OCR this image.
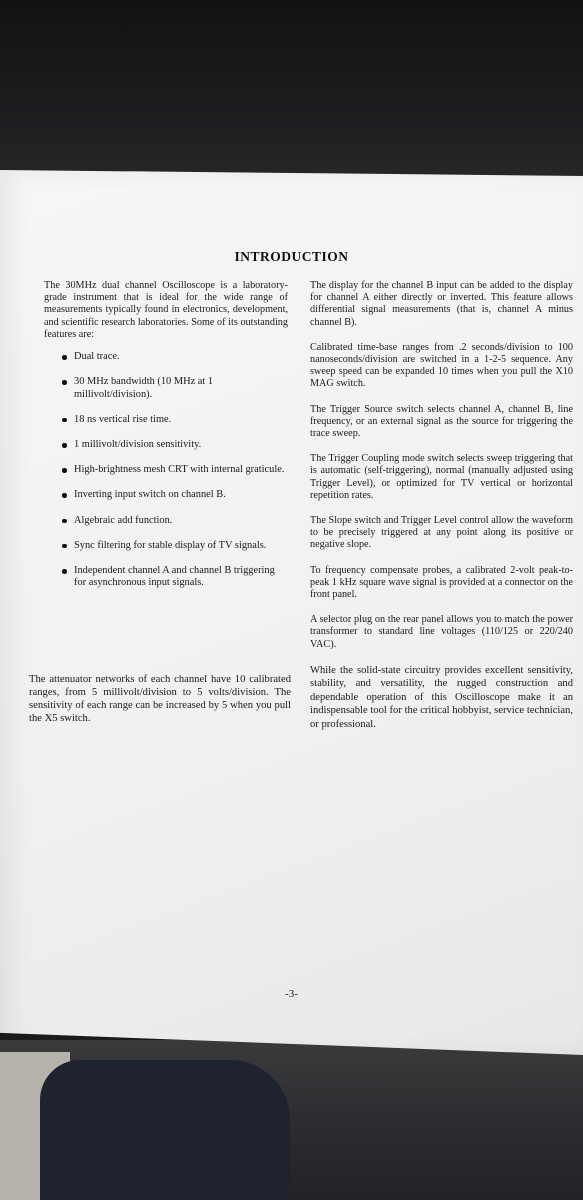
INTRODUCTION

The 30MHz dual channel Oscilloscope is a laboratory-grade instrument that is ideal for the wide range of measurements typically found in electronics, development, and scientific research laboratories. Some of its outstanding features are:

Dual trace.
30 MHz bandwidth (10 MHz at 1 millivolt/division).
18 ns vertical rise time.
1 millivolt/division sensitivity.
High-brightness mesh CRT with internal graticule.
Inverting input switch on channel B.
Algebraic add function.
Sync filtering for stable display of TV signals.
Independent channel A and channel B triggering for asynchronous input signals.

The attenuator networks of each channel have 10 calibrated ranges, from 5 millivolt/division to 5 volts/division. The sensitivity of each range can be increased by 5 when you pull the X5 switch.

The display for the channel B input can be added to the display for channel A either directly or inverted. This feature allows differential signal measurements (that is, channel A minus channel B).

Calibrated time-base ranges from .2 seconds/division to 100 nanoseconds/division are switched in a 1-2-5 sequence. Any sweep speed can be expanded 10 times when you pull the X10 MAG switch.

The Trigger Source switch selects channel A, channel B, line frequency, or an external signal as the source for triggering the trace sweep.

The Trigger Coupling mode switch selects sweep triggering that is automatic (self-triggering), normal (manually adjusted using Trigger Level), or optimized for TV vertical or horizontal repetition rates.

The Slope switch and Trigger Level control allow the waveform to be precisely triggered at any point along its positive or negative slope.

To frequency compensate probes, a calibrated 2-volt peak-to-peak 1 kHz square wave signal is provided at a connector on the front panel.

A selector plug on the rear panel allows you to match the power transformer to standard line voltages (110/125 or 220/240 VAC).

While the solid-state circuitry provides excellent sensitivity, stability, and versatility, the rugged construction and dependable operation of this Oscilloscope make it an indispensable tool for the critical hobbyist, service technician, or professional.

-3-
